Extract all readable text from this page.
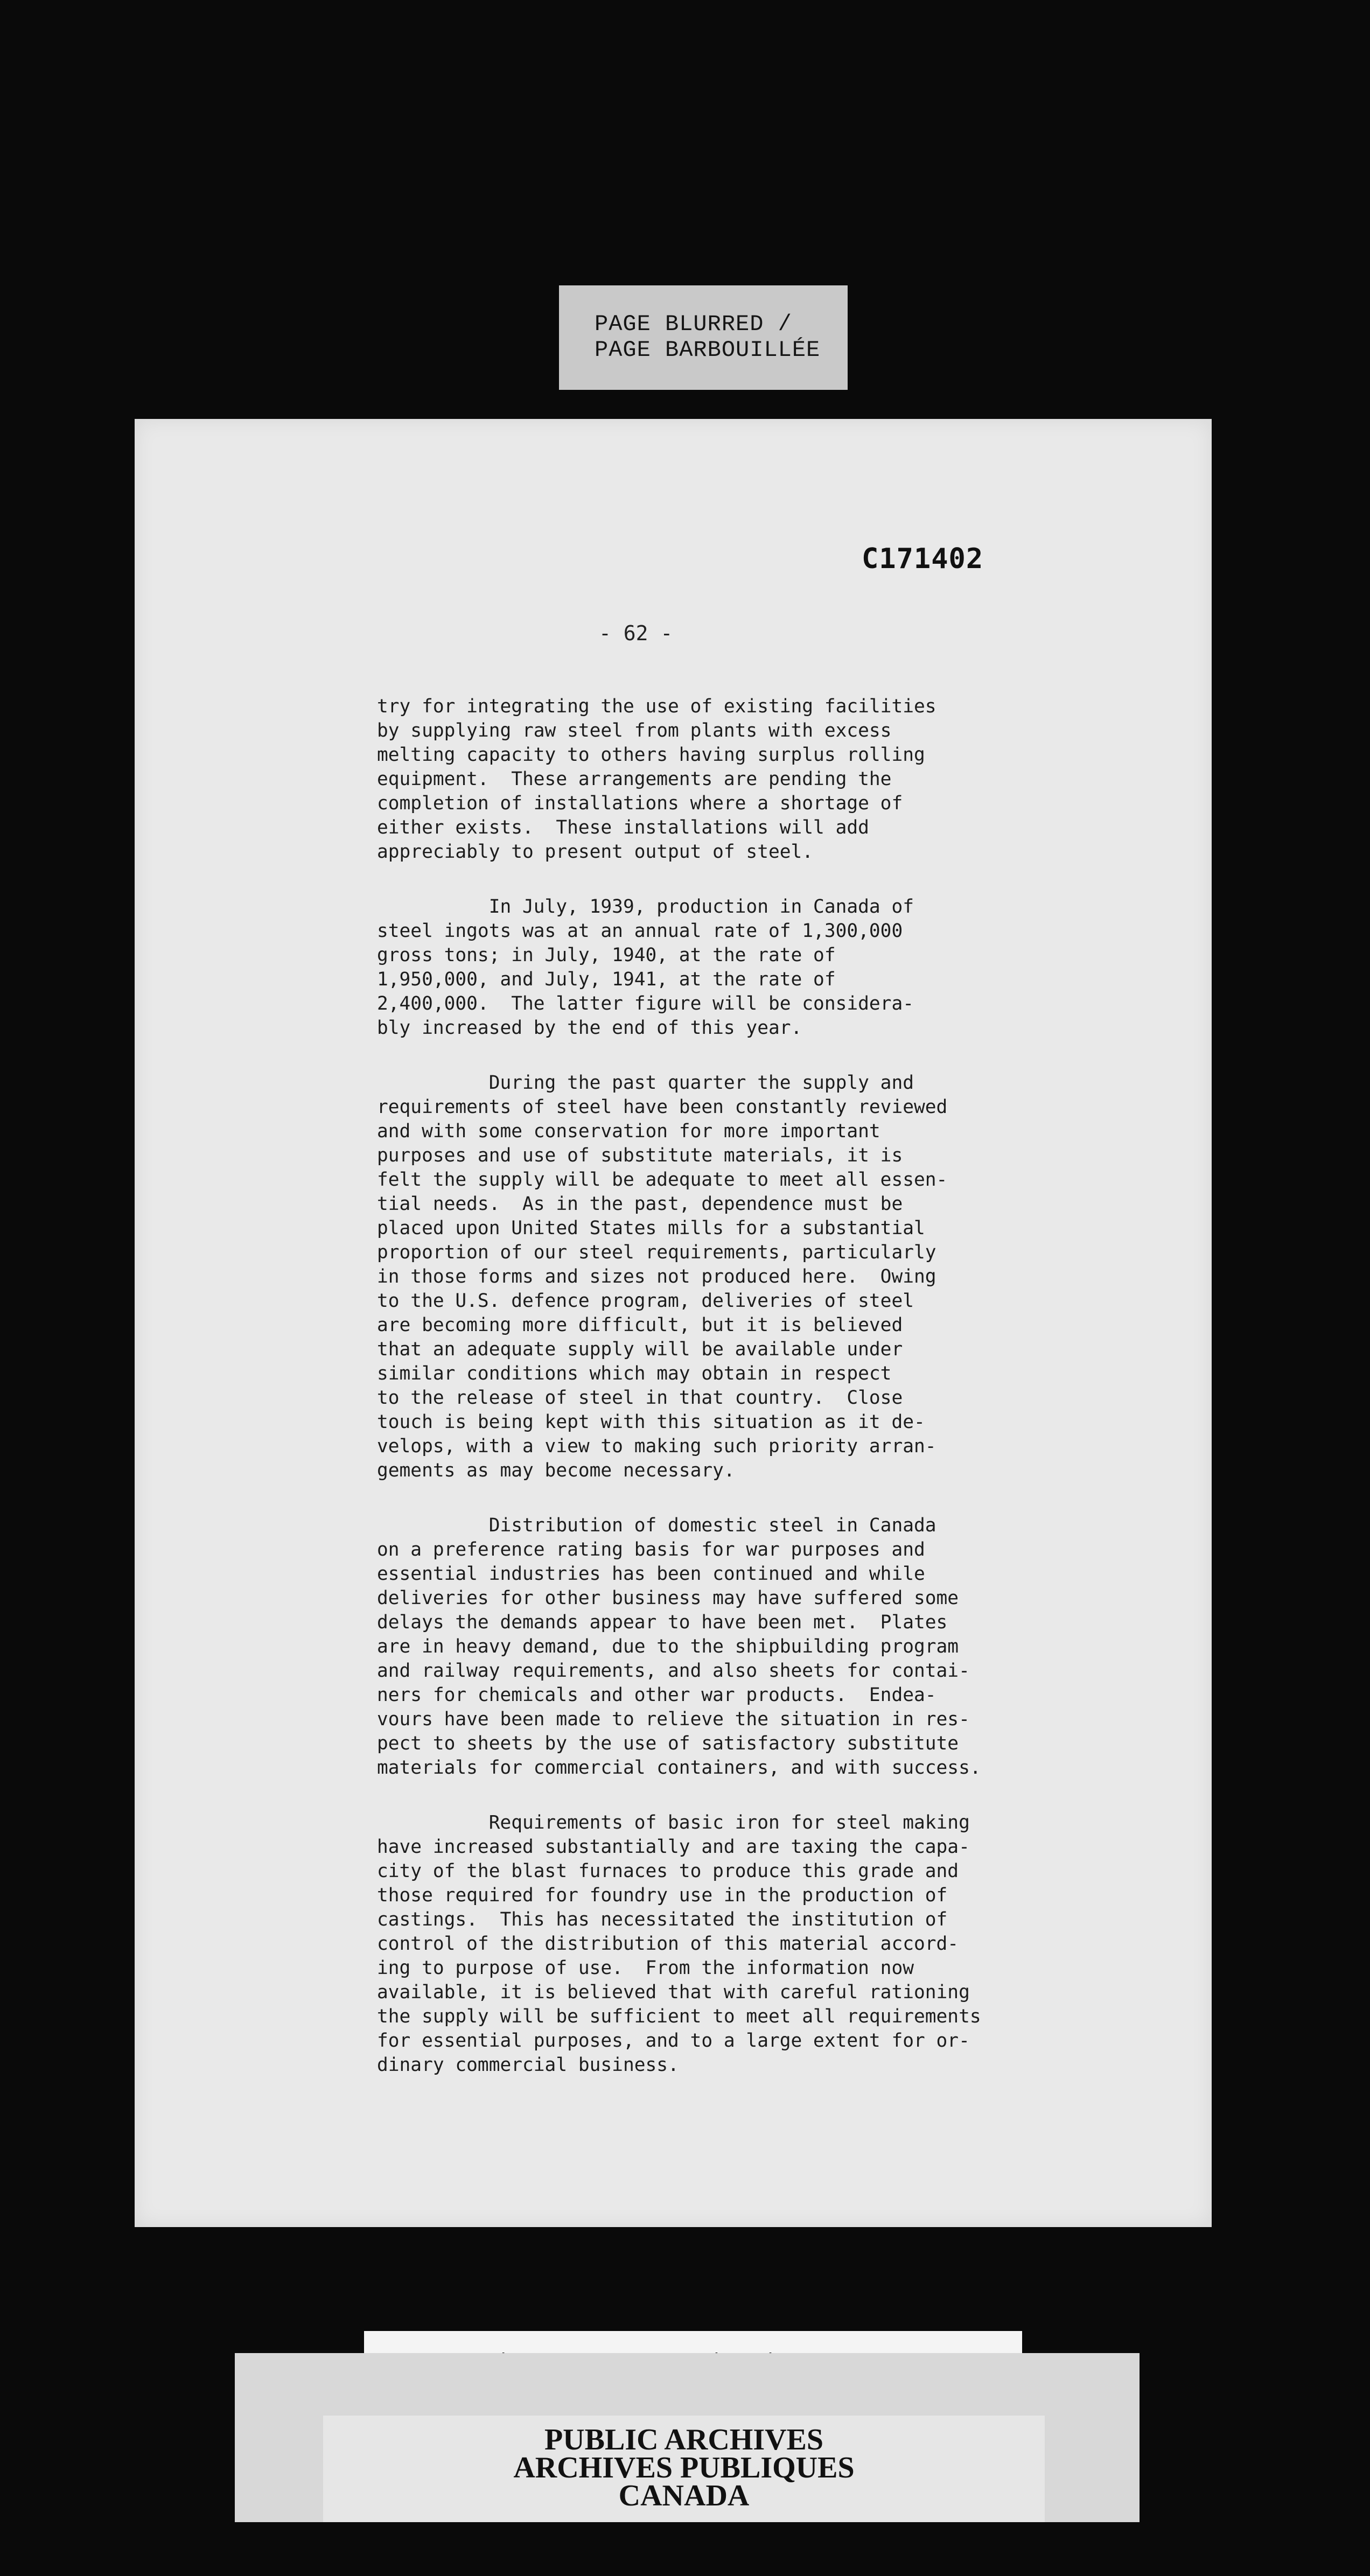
PAGE BLURRED /
PAGE BARBOUILLÉE
C171402
- 62 -
try for integrating the use of existing facilities
by supplying raw steel from plants with excess
melting capacity to others having surplus rolling
equipment.  These arrangements are pending the
completion of installations where a shortage of
either exists.  These installations will add
appreciably to present output of steel.
In July, 1939, production in Canada of
steel ingots was at an annual rate of 1,300,000
gross tons; in July, 1940, at the rate of
1,950,000, and July, 1941, at the rate of
2,400,000.  The latter figure will be considera-
bly increased by the end of this year.
During the past quarter the supply and
requirements of steel have been constantly reviewed
and with some conservation for more important
purposes and use of substitute materials, it is
felt the supply will be adequate to meet all essen-
tial needs.  As in the past, dependence must be
placed upon United States mills for a substantial
proportion of our steel requirements, particularly
in those forms and sizes not produced here.  Owing
to the U.S. defence program, deliveries of steel
are becoming more difficult, but it is believed
that an adequate supply will be available under
similar conditions which may obtain in respect
to the release of steel in that country.  Close
touch is being kept with this situation as it de-
velops, with a view to making such priority arran-
gements as may become necessary.
Distribution of domestic steel in Canada
on a preference rating basis for war purposes and
essential industries has been continued and while
deliveries for other business may have suffered some
delays the demands appear to have been met.  Plates
are in heavy demand, due to the shipbuilding program
and railway requirements, and also sheets for contai-
ners for chemicals and other war products.  Endea-
vours have been made to relieve the situation in res-
pect to sheets by the use of satisfactory substitute
materials for commercial containers, and with success.
Requirements of basic iron for steel making
have increased substantially and are taxing the capa-
city of the blast furnaces to produce this grade and
those required for foundry use in the production of
castings.  This has necessitated the institution of
control of the distribution of this material accord-
ing to purpose of use.  From the information now
available, it is believed that with careful rationing
the supply will be sufficient to meet all requirements
for essential purposes, and to a large extent for or-
dinary commercial business.
PUBLIC ARCHIVES
ARCHIVES PUBLIQUES
CANADA
